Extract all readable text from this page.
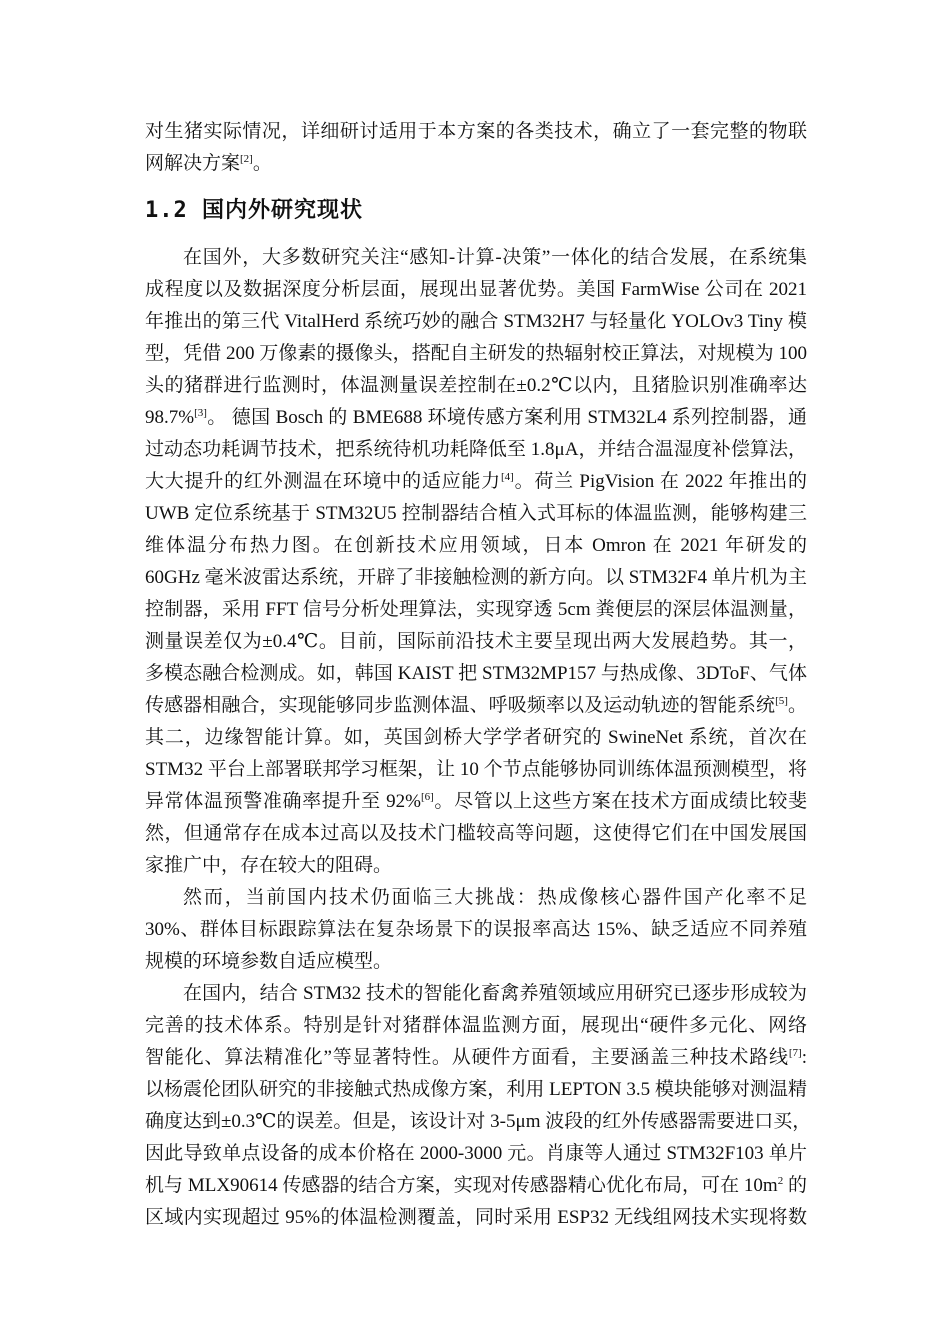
对生猪实际情况，详细研讨适用于本方案的各类技术，确立了一套完整的物联
网解决方案[2]。
1.2 国内外研究现状
在国外，大多数研究关注“感知-计算-决策”一体化的结合发展，在系统集
成程度以及数据深度分析层面，展现出显著优势。美国 FarmWise 公司在 2021
年推出的第三代 VitalHerd 系统巧妙的融合 STM32H7 与轻量化 YOLOv3 Tiny 模
型，凭借 200 万像素的摄像头，搭配自主研发的热辐射校正算法，对规模为 100
头的猪群进行监测时，体温测量误差控制在±0.2℃以内，且猪脸识别准确率达
98.7%[3]。 德国 Bosch 的 BME688 环境传感方案利用 STM32L4 系列控制器，通
过动态功耗调节技术，把系统待机功耗降低至 1.8μA，并结合温湿度补偿算法，
大大提升的红外测温在环境中的适应能力[4]。荷兰 PigVision 在 2022 年推出的
UWB 定位系统基于 STM32U5 控制器结合植入式耳标的体温监测，能够构建三
维体温分布热力图。在创新技术应用领域，日本 Omron 在 2021 年研发的
60GHz 毫米波雷达系统，开辟了非接触检测的新方向。以 STM32F4 单片机为主
控制器，采用 FFT 信号分析处理算法，实现穿透 5cm 粪便层的深层体温测量，
测量误差仅为±0.4℃。目前，国际前沿技术主要呈现出两大发展趋势。其一，
多模态融合检测成。如，韩国 KAIST 把 STM32MP157 与热成像、3DToF、气体
传感器相融合，实现能够同步监测体温、呼吸频率以及运动轨迹的智能系统[5]。
其二，边缘智能计算。如，英国剑桥大学学者研究的 SwineNet 系统，首次在
STM32 平台上部署联邦学习框架，让 10 个节点能够协同训练体温预测模型，将
异常体温预警准确率提升至 92%[6]。尽管以上这些方案在技术方面成绩比较斐
然，但通常存在成本过高以及技术门槛较高等问题，这使得它们在中国发展国
家推广中，存在较大的阻碍。
然而，当前国内技术仍面临三大挑战：热成像核心器件国产化率不足
30%、群体目标跟踪算法在复杂场景下的误报率高达 15%、缺乏适应不同养殖
规模的环境参数自适应模型。
在国内，结合 STM32 技术的智能化畜禽养殖领域应用研究已逐步形成较为
完善的技术体系。特别是针对猪群体温监测方面，展现出“硬件多元化、网络
智能化、算法精准化”等显著特性。从硬件方面看，主要涵盖三种技术路线[7]:
以杨震伦团队研究的非接触式热成像方案，利用 LEPTON 3.5 模块能够对测温精
确度达到±0.3℃的误差。但是，该设计对 3-5μm 波段的红外传感器需要进口买，
因此导致单点设备的成本价格在 2000-3000 元。肖康等人通过 STM32F103 单片
机与 MLX90614 传感器的结合方案，实现对传感器精心优化布局，可在 $10m^2$ 的
区域内实现超过 95%的体温检测覆盖，同时采用 ESP32 无线组网技术实现将数
